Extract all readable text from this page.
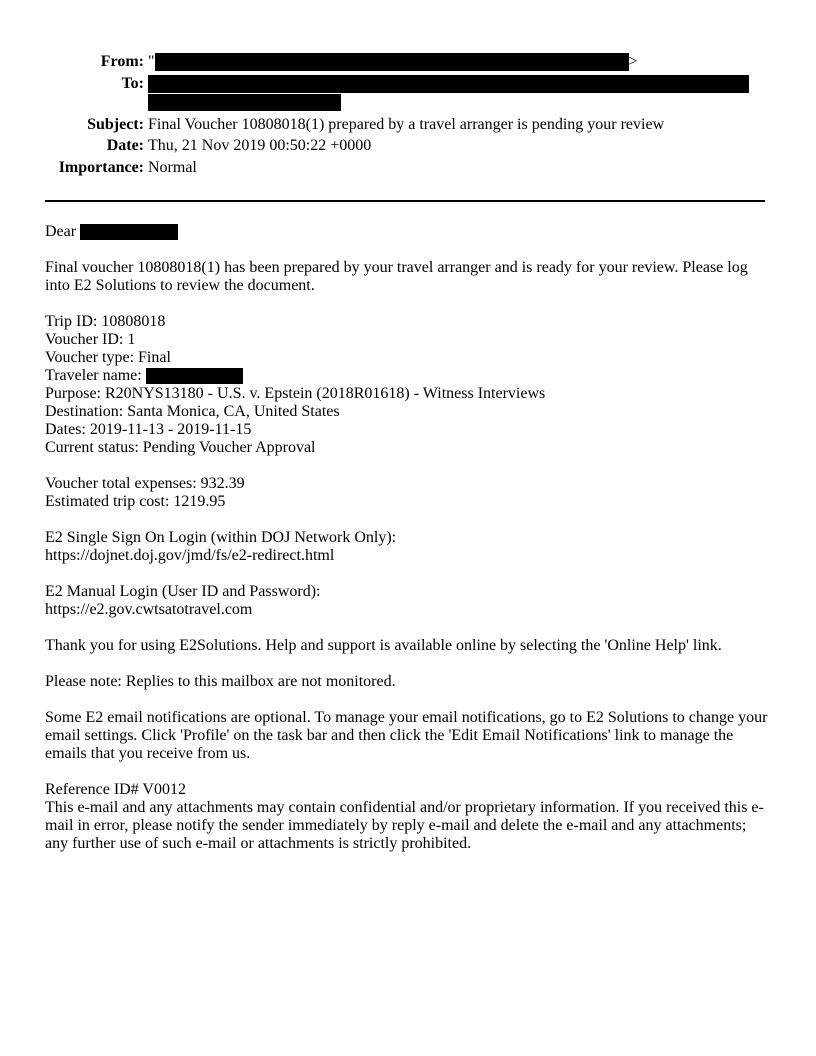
From: "	>
To:
Subject: Final Voucher 10808018(1) prepared by a travel arranger is pending your review
Date: Thu, 21 Nov 2019 00:50:22 +0000
Importance: Normal

Dear

Final voucher 10808018(1) has been prepared by your travel arranger and is ready for your review. Please log into E2 Solutions to review the document.

Trip ID: 10808018
Voucher ID: 1
Voucher type: Final
Traveler name:
Purpose: R20NYS13180 - U.S. v. Epstein (2018R01618) - Witness Interviews
Destination: Santa Monica, CA, United States
Dates: 2019-11-13 - 2019-11-15
Current status: Pending Voucher Approval

Voucher total expenses: 932.39
Estimated trip cost: 1219.95

E2 Single Sign On Login (within DOJ Network Only):
https://dojnet.doj.gov/jmd/fs/e2-redirect.html

E2 Manual Login (User ID and Password):
https://e2.gov.cwtsatotravel.com

Thank you for using E2Solutions. Help and support is available online by selecting the 'Online Help' link.

Please note: Replies to this mailbox are not monitored.

Some E2 email notifications are optional. To manage your email notifications, go to E2 Solutions to change your email settings. Click 'Profile' on the task bar and then click the 'Edit Email Notifications' link to manage the emails that you receive from us.

Reference ID# V0012
This e-mail and any attachments may contain confidential and/or proprietary information. If you received this e-mail in error, please notify the sender immediately by reply e-mail and delete the e-mail and any attachments; any further use of such e-mail or attachments is strictly prohibited.
